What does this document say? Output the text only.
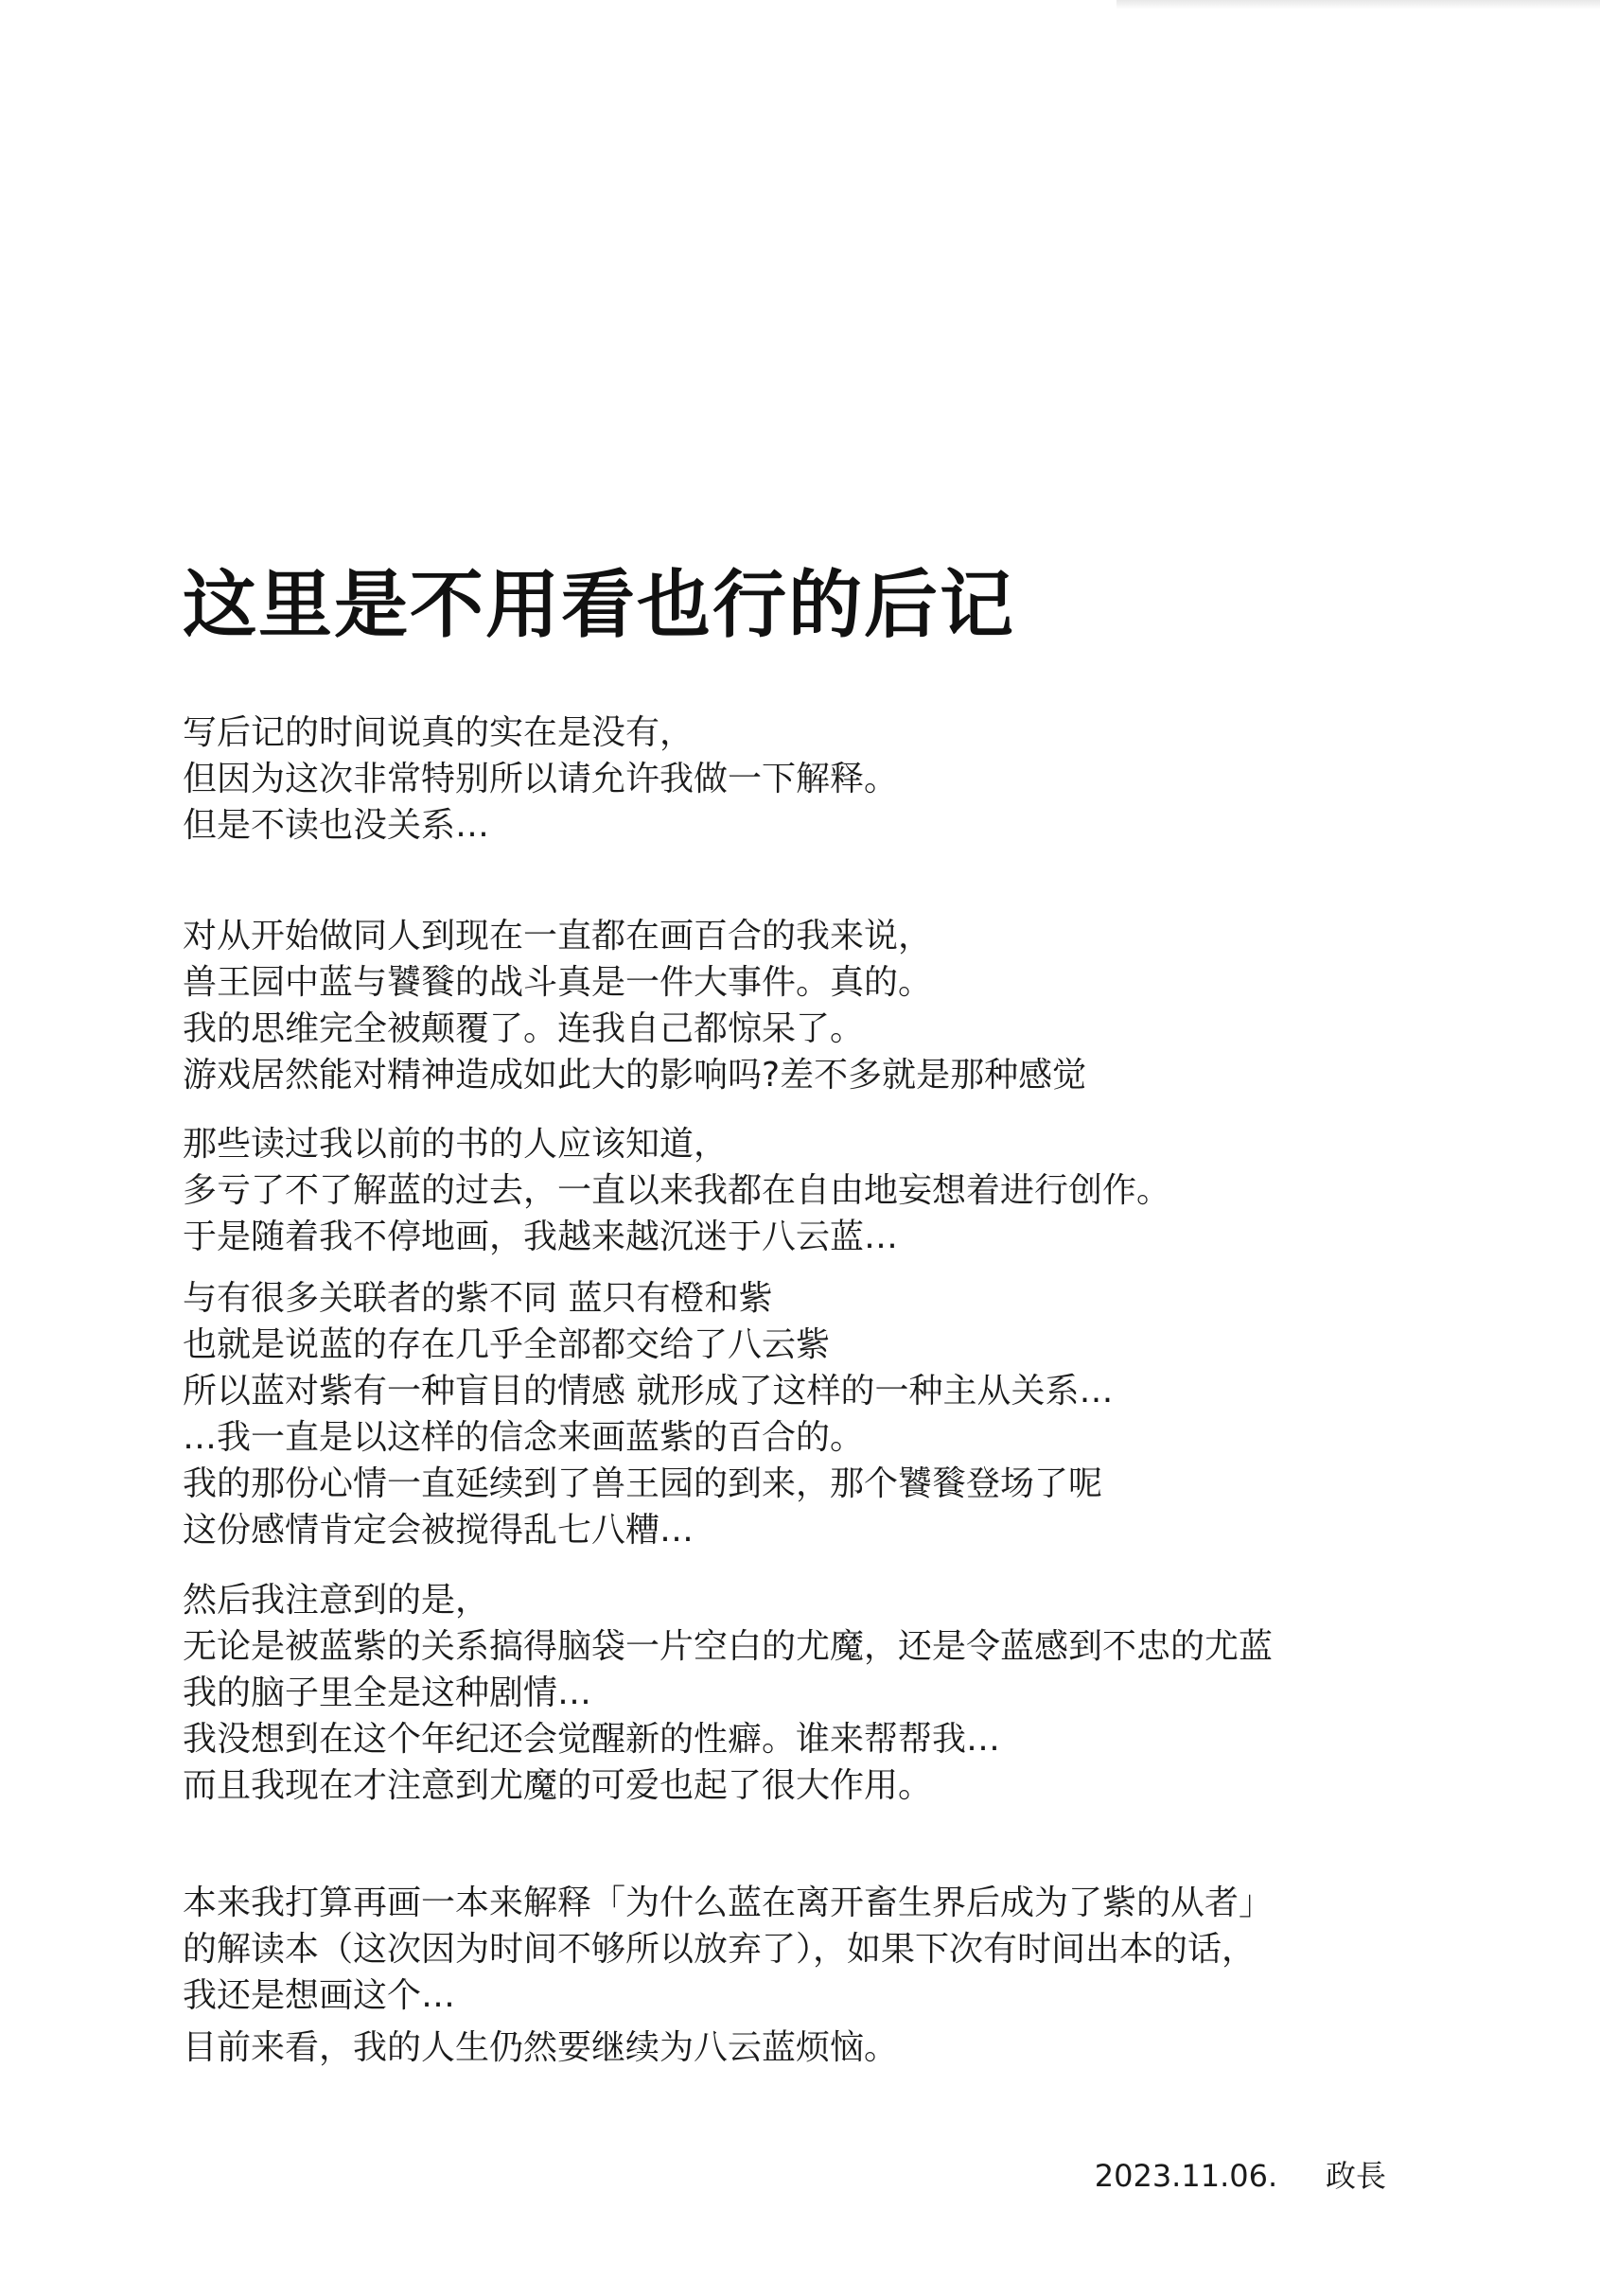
这里是不用看也行的后记
写后记的时间说真的实在是没有，
但因为这次非常特别所以请允许我做一下解释。
但是不读也没关系…
对从开始做同人到现在一直都在画百合的我来说，
兽王园中蓝与饕餮的战斗真是一件大事件。真的。
我的思维完全被颠覆了。连我自己都惊呆了。
游戏居然能对精神造成如此大的影响吗?差不多就是那种感觉
那些读过我以前的书的人应该知道，
多亏了不了解蓝的过去，一直以来我都在自由地妄想着进行创作。
于是随着我不停地画，我越来越沉迷于八云蓝…
与有很多关联者的紫不同 蓝只有橙和紫
也就是说蓝的存在几乎全部都交给了八云紫
所以蓝对紫有一种盲目的情感 就形成了这样的一种主从关系…
…我一直是以这样的信念来画蓝紫的百合的。
我的那份心情一直延续到了兽王园的到来，那个饕餮登场了呢
这份感情肯定会被搅得乱七八糟…
然后我注意到的是，
无论是被蓝紫的关系搞得脑袋一片空白的尤魔，还是令蓝感到不忠的尤蓝
我的脑子里全是这种剧情…
我没想到在这个年纪还会觉醒新的性癖。谁来帮帮我…
而且我现在才注意到尤魔的可爱也起了很大作用。
本来我打算再画一本来解释「为什么蓝在离开畜生界后成为了紫的从者」
的解读本（这次因为时间不够所以放弃了），如果下次有时间出本的话，
我还是想画这个…
目前来看，我的人生仍然要继续为八云蓝烦恼。
2023.11.06. 政長
